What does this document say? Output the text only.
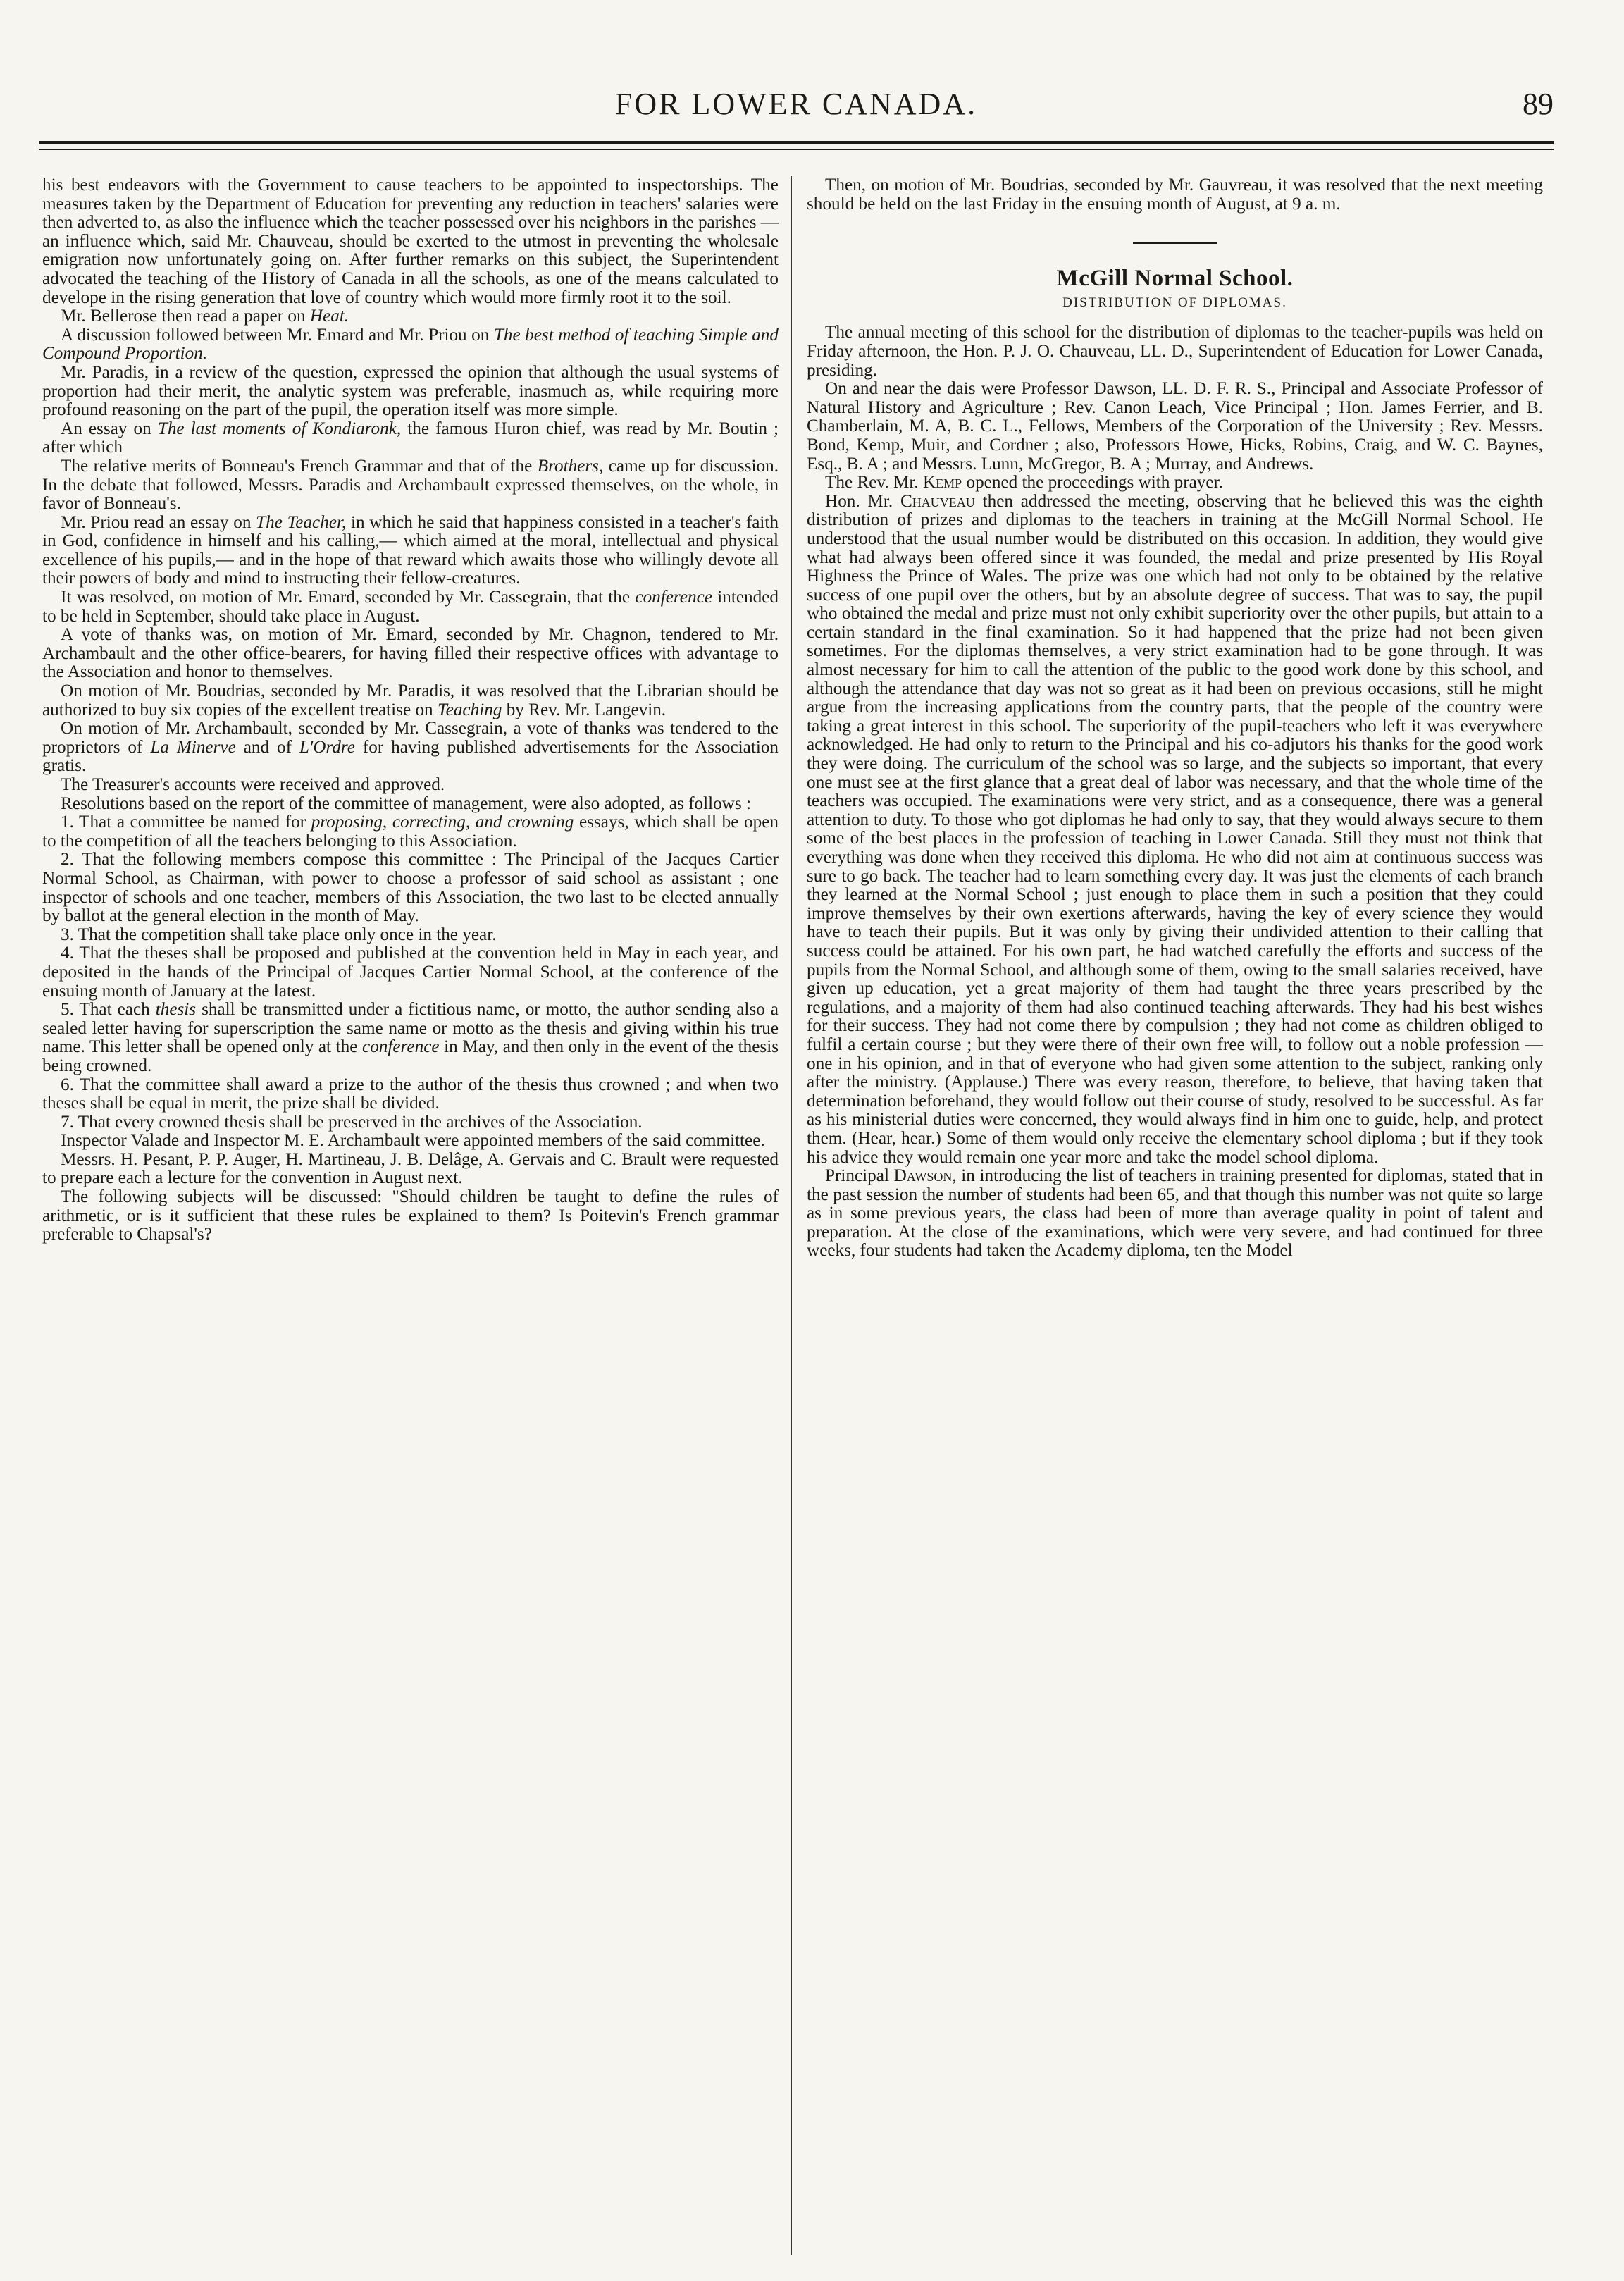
FOR LOWER CANADA.	89

his best endeavors with the Government to cause teachers to be appointed to inspectorships. The measures taken by the Department of Education for preventing any reduction in teachers' salaries were then adverted to, as also the influence which the teacher possessed over his neighbors in the parishes — an influence which, said Mr. Chauveau, should be exerted to the utmost in preventing the wholesale emigration now unfortunately going on. After further remarks on this subject, the Superintendent advocated the teaching of the History of Canada in all the schools, as one of the means calculated to develope in the rising generation that love of country which would more firmly root it to the soil.

Mr. Bellerose then read a paper on Heat.

A discussion followed between Mr. Emard and Mr. Priou on The best method of teaching Simple and Compound Proportion.

Mr. Paradis, in a review of the question, expressed the opinion that although the usual systems of proportion had their merit, the analytic system was preferable, inasmuch as, while requiring more profound reasoning on the part of the pupil, the operation itself was more simple.

An essay on The last moments of Kondiaronk, the famous Huron chief, was read by Mr. Boutin ; after which

The relative merits of Bonneau's French Grammar and that of the Brothers, came up for discussion. In the debate that followed, Messrs. Paradis and Archambault expressed themselves, on the whole, in favor of Bonneau's.

Mr. Priou read an essay on The Teacher, in which he said that happiness consisted in a teacher's faith in God, confidence in himself and his calling,— which aimed at the moral, intellectual and physical excellence of his pupils,— and in the hope of that reward which awaits those who willingly devote all their powers of body and mind to instructing their fellow-creatures.

It was resolved, on motion of Mr. Emard, seconded by Mr. Cassegrain, that the conference intended to be held in September, should take place in August.

A vote of thanks was, on motion of Mr. Emard, seconded by Mr. Chagnon, tendered to Mr. Archambault and the other office-bearers, for having filled their respective offices with advantage to the Association and honor to themselves.

On motion of Mr. Boudrias, seconded by Mr. Paradis, it was resolved that the Librarian should be authorized to buy six copies of the excellent treatise on Teaching by Rev. Mr. Langevin.

On motion of Mr. Archambault, seconded by Mr. Cassegrain, a vote of thanks was tendered to the proprietors of La Minerve and of L'Ordre for having published advertisements for the Association gratis.

The Treasurer's accounts were received and approved.

Resolutions based on the report of the committee of management, were also adopted, as follows :

1. That a committee be named for proposing, correcting, and crowning essays, which shall be open to the competition of all the teachers belonging to this Association.

2. That the following members compose this committee : The Principal of the Jacques Cartier Normal School, as Chairman, with power to choose a professor of said school as assistant ; one inspector of schools and one teacher, members of this Association, the two last to be elected annually by ballot at the general election in the month of May.

3. That the competition shall take place only once in the year.

4. That the theses shall be proposed and published at the convention held in May in each year, and deposited in the hands of the Principal of Jacques Cartier Normal School, at the conference of the ensuing month of January at the latest.

5. That each thesis shall be transmitted under a fictitious name, or motto, the author sending also a sealed letter having for superscription the same name or motto as the thesis and giving within his true name. This letter shall be opened only at the conference in May, and then only in the event of the thesis being crowned.

6. That the committee shall award a prize to the author of the thesis thus crowned ; and when two theses shall be equal in merit, the prize shall be divided.

7. That every crowned thesis shall be preserved in the archives of the Association.

Inspector Valade and Inspector M. E. Archambault were appointed members of the said committee.

Messrs. H. Pesant, P. P. Auger, H. Martineau, J. B. Delâge, A. Gervais and C. Brault were requested to prepare each a lecture for the convention in August next.

The following subjects will be discussed: "Should children be taught to define the rules of arithmetic, or is it sufficient that these rules be explained to them? Is Poitevin's French grammar preferable to Chapsal's?

Then, on motion of Mr. Boudrias, seconded by Mr. Gauvreau, it was resolved that the next meeting should be held on the last Friday in the ensuing month of August, at 9 a. m.

McGill Normal School.
DISTRIBUTION OF DIPLOMAS.

The annual meeting of this school for the distribution of diplomas to the teacher-pupils was held on Friday afternoon, the Hon. P. J. O. Chauveau, LL. D., Superintendent of Education for Lower Canada, presiding.

On and near the dais were Professor Dawson, LL. D. F. R. S., Principal and Associate Professor of Natural History and Agriculture ; Rev. Canon Leach, Vice Principal ; Hon. James Ferrier, and B. Chamberlain, M. A, B. C. L., Fellows, Members of the Corporation of the University ; Rev. Messrs. Bond, Kemp, Muir, and Cordner ; also, Professors Howe, Hicks, Robins, Craig, and W. C. Baynes, Esq., B. A ; and Messrs. Lunn, McGregor, B. A ; Murray, and Andrews.

The Rev. Mr. Kemp opened the proceedings with prayer.

Hon. Mr. Chauveau then addressed the meeting, observing that he believed this was the eighth distribution of prizes and diplomas to the teachers in training at the McGill Normal School. He understood that the usual number would be distributed on this occasion. In addition, they would give what had always been offered since it was founded, the medal and prize presented by His Royal Highness the Prince of Wales. The prize was one which had not only to be obtained by the relative success of one pupil over the others, but by an absolute degree of success. That was to say, the pupil who obtained the medal and prize must not only exhibit superiority over the other pupils, but attain to a certain standard in the final examination. So it had happened that the prize had not been given sometimes. For the diplomas themselves, a very strict examination had to be gone through. It was almost necessary for him to call the attention of the public to the good work done by this school, and although the attendance that day was not so great as it had been on previous occasions, still he might argue from the increasing applications from the country parts, that the people of the country were taking a great interest in this school. The superiority of the pupil-teachers who left it was everywhere acknowledged. He had only to return to the Principal and his co-adjutors his thanks for the good work they were doing. The curriculum of the school was so large, and the subjects so important, that every one must see at the first glance that a great deal of labor was necessary, and that the whole time of the teachers was occupied. The examinations were very strict, and as a consequence, there was a general attention to duty. To those who got diplomas he had only to say, that they would always secure to them some of the best places in the profession of teaching in Lower Canada. Still they must not think that everything was done when they received this diploma. He who did not aim at continuous success was sure to go back. The teacher had to learn something every day. It was just the elements of each branch they learned at the Normal School ; just enough to place them in such a position that they could improve themselves by their own exertions afterwards, having the key of every science they would have to teach their pupils. But it was only by giving their undivided attention to their calling that success could be attained. For his own part, he had watched carefully the efforts and success of the pupils from the Normal School, and although some of them, owing to the small salaries received, have given up education, yet a great majority of them had taught the three years prescribed by the regulations, and a majority of them had also continued teaching afterwards. They had his best wishes for their success. They had not come there by compulsion ; they had not come as children obliged to fulfil a certain course ; but they were there of their own free will, to follow out a noble profession —one in his opinion, and in that of everyone who had given some attention to the subject, ranking only after the ministry. (Applause.) There was every reason, therefore, to believe, that having taken that determination beforehand, they would follow out their course of study, resolved to be successful. As far as his ministerial duties were concerned, they would always find in him one to guide, help, and protect them. (Hear, hear.) Some of them would only receive the elementary school diploma ; but if they took his advice they would remain one year more and take the model school diploma.

Principal Dawson, in introducing the list of teachers in training presented for diplomas, stated that in the past session the number of students had been 65, and that though this number was not quite so large as in some previous years, the class had been of more than average quality in point of talent and preparation. At the close of the examinations, which were very severe, and had continued for three weeks, four students had taken the Academy diploma, ten the Model
